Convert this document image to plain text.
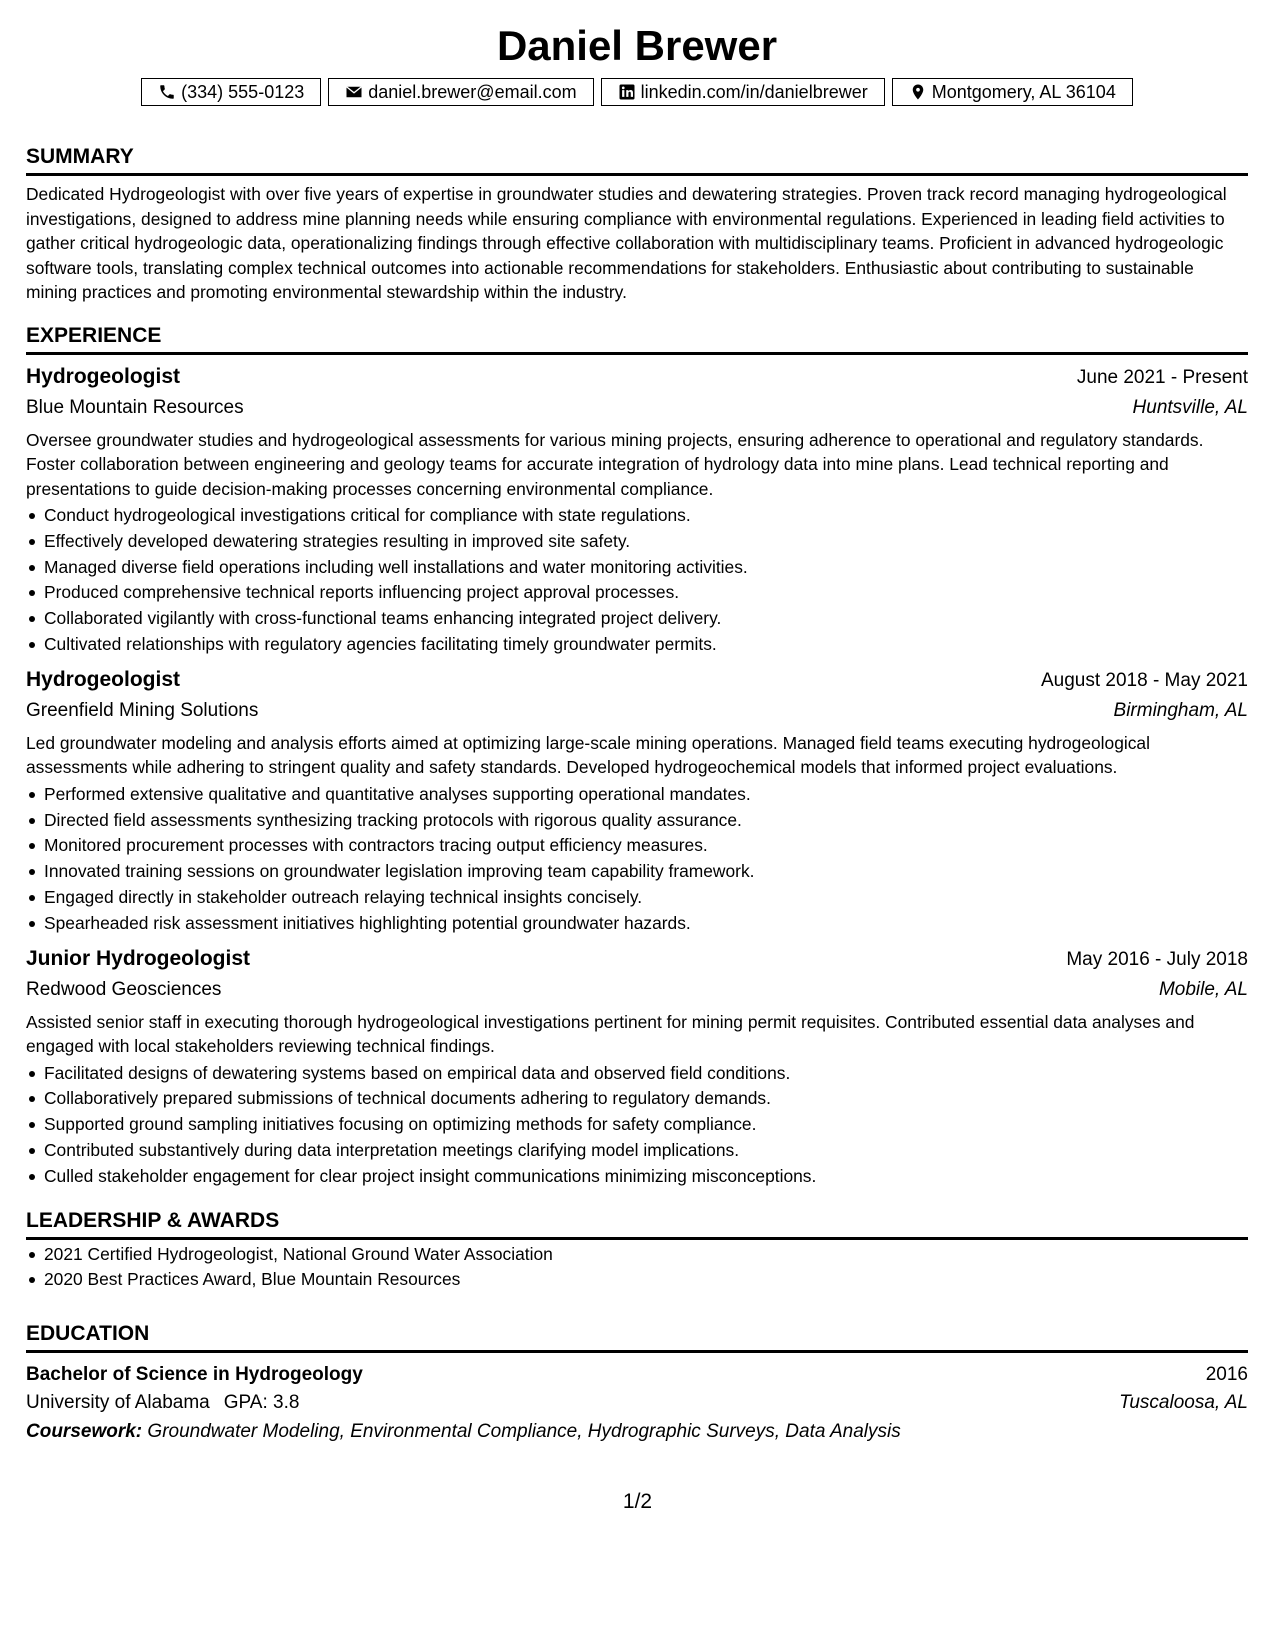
Daniel Brewer
(334) 555-0123	daniel.brewer@email.com	linkedin.com/in/danielbrewer	Montgomery, AL 36104
SUMMARY

Dedicated Hydrogeologist with over five years of expertise in groundwater studies and dewatering strategies. Proven track record managing hydrogeological investigations, designed to address mine planning needs while ensuring compliance with environmental regulations. Experienced in leading field activities to gather critical hydrogeologic data, operationalizing findings through effective collaboration with multidisciplinary teams. Proficient in advanced hydrogeologic software tools, translating complex technical outcomes into actionable recommendations for stakeholders. Enthusiastic about contributing to sustainable mining practices and promoting environmental stewardship within the industry.

EXPERIENCE
Hydrogeologist	June 2021 - Present
Blue Mountain Resources	Huntsville, AL

Oversee groundwater studies and hydrogeological assessments for various mining projects, ensuring adherence to operational and regulatory standards. Foster collaboration between engineering and geology teams for accurate integration of hydrology data into mine plans. Lead technical reporting and presentations to guide decision-making processes concerning environmental compliance.

Conduct hydrogeological investigations critical for compliance with state regulations.
Effectively developed dewatering strategies resulting in improved site safety.
Managed diverse field operations including well installations and water monitoring activities.
Produced comprehensive technical reports influencing project approval processes.
Collaborated vigilantly with cross-functional teams enhancing integrated project delivery.
Cultivated relationships with regulatory agencies facilitating timely groundwater permits.
Hydrogeologist	August 2018 - May 2021
Greenfield Mining Solutions	Birmingham, AL

Led groundwater modeling and analysis efforts aimed at optimizing large-scale mining operations. Managed field teams executing hydrogeological assessments while adhering to stringent quality and safety standards. Developed hydrogeochemical models that informed project evaluations.

Performed extensive qualitative and quantitative analyses supporting operational mandates.
Directed field assessments synthesizing tracking protocols with rigorous quality assurance.
Monitored procurement processes with contractors tracing output efficiency measures.
Innovated training sessions on groundwater legislation improving team capability framework.
Engaged directly in stakeholder outreach relaying technical insights concisely.
Spearheaded risk assessment initiatives highlighting potential groundwater hazards.
Junior Hydrogeologist	May 2016 - July 2018
Redwood Geosciences	Mobile, AL

Assisted senior staff in executing thorough hydrogeological investigations pertinent for mining permit requisites. Contributed essential data analyses and engaged with local stakeholders reviewing technical findings.

Facilitated designs of dewatering systems based on empirical data and observed field conditions.
Collaboratively prepared submissions of technical documents adhering to regulatory demands.
Supported ground sampling initiatives focusing on optimizing methods for safety compliance.
Contributed substantively during data interpretation meetings clarifying model implications.
Culled stakeholder engagement for clear project insight communications minimizing misconceptions.
LEADERSHIP & AWARDS
2021 Certified Hydrogeologist, National Ground Water Association
2020 Best Practices Award, Blue Mountain Resources
EDUCATION
Bachelor of Science in Hydrogeology	2016
University of Alabama GPA: 3.8	Tuscaloosa, AL
Coursework: Groundwater Modeling, Environmental Compliance, Hydrographic Surveys, Data Analysis
1/2
